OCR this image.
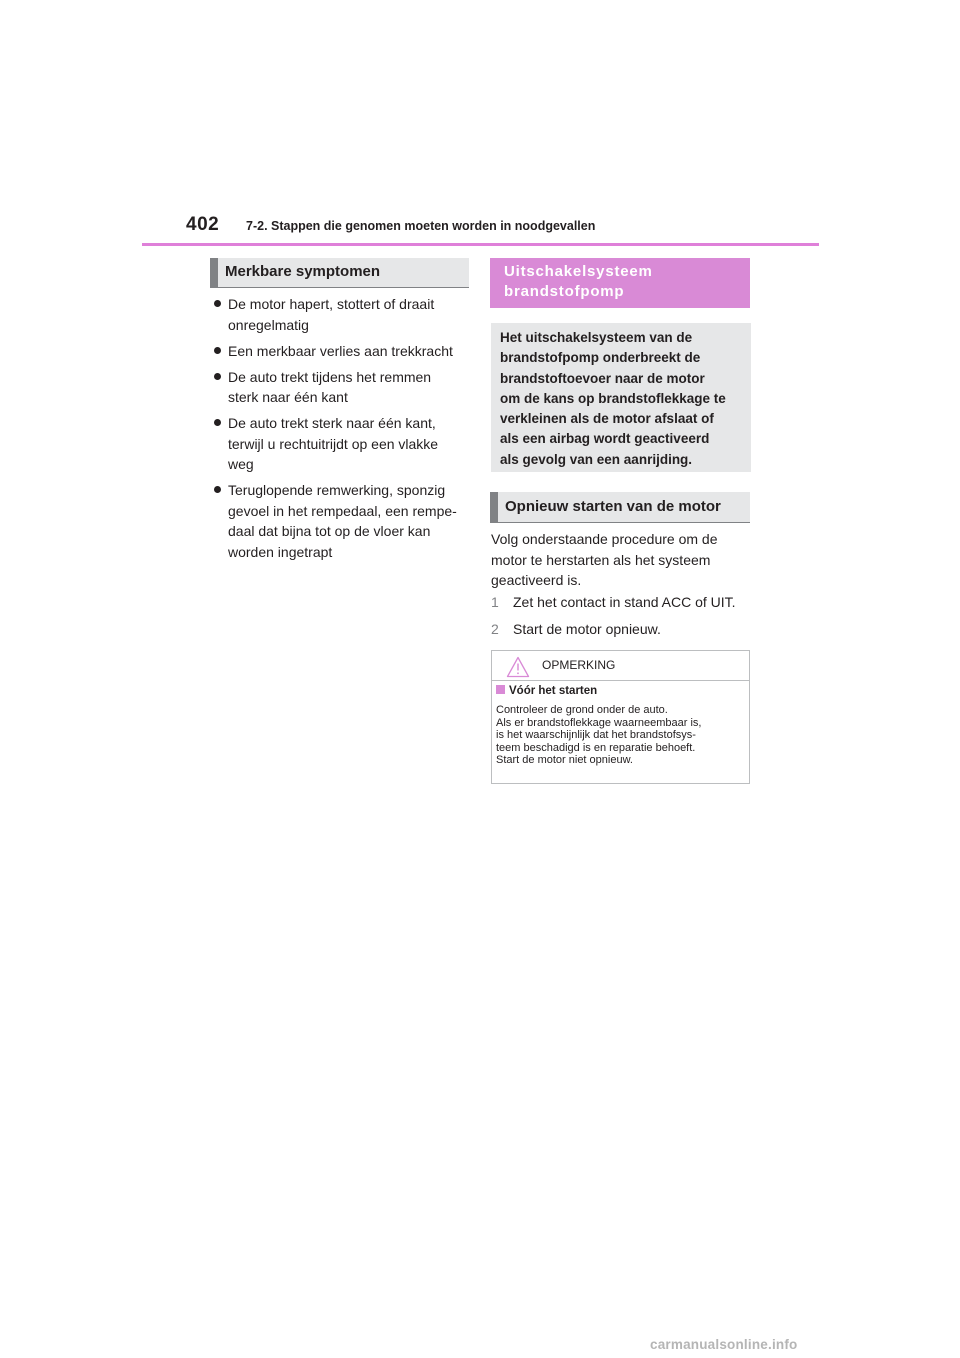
402 7-2. Stappen die genomen moeten worden in noodgevallen
Merkbare symptomen
De motor hapert, stottert of draait
onregelmatig
Een merkbaar verlies aan trekkracht
De auto trekt tijdens het remmen
sterk naar één kant
De auto trekt sterk naar één kant,
terwijl u rechtuitrijdt op een vlakke
weg
Teruglopende remwerking, sponzig
gevoel in het rempedaal, een rempe-
daal dat bijna tot op de vloer kan
worden ingetrapt
Uitschakelsysteem
brandstofpomp
Het uitschakelsysteem van de
brandstofpomp onderbreekt de
brandstoftoevoer naar de motor
om de kans op brandstoflekkage te
verkleinen als de motor afslaat of
als een airbag wordt geactiveerd
als gevolg van een aanrijding.
Opnieuw starten van de motor
Volg onderstaande procedure om de
motor te herstarten als het systeem
geactiveerd is.
1 Zet het contact in stand ACC of UIT.
2 Start de motor opnieuw.
OPMERKING
Vóór het starten
Controleer de grond onder de auto.
Als er brandstoflekkage waarneembaar is,
is het waarschijnlijk dat het brandstofsys-
teem beschadigd is en reparatie behoeft.
Start de motor niet opnieuw.
carmanualsonline.info
